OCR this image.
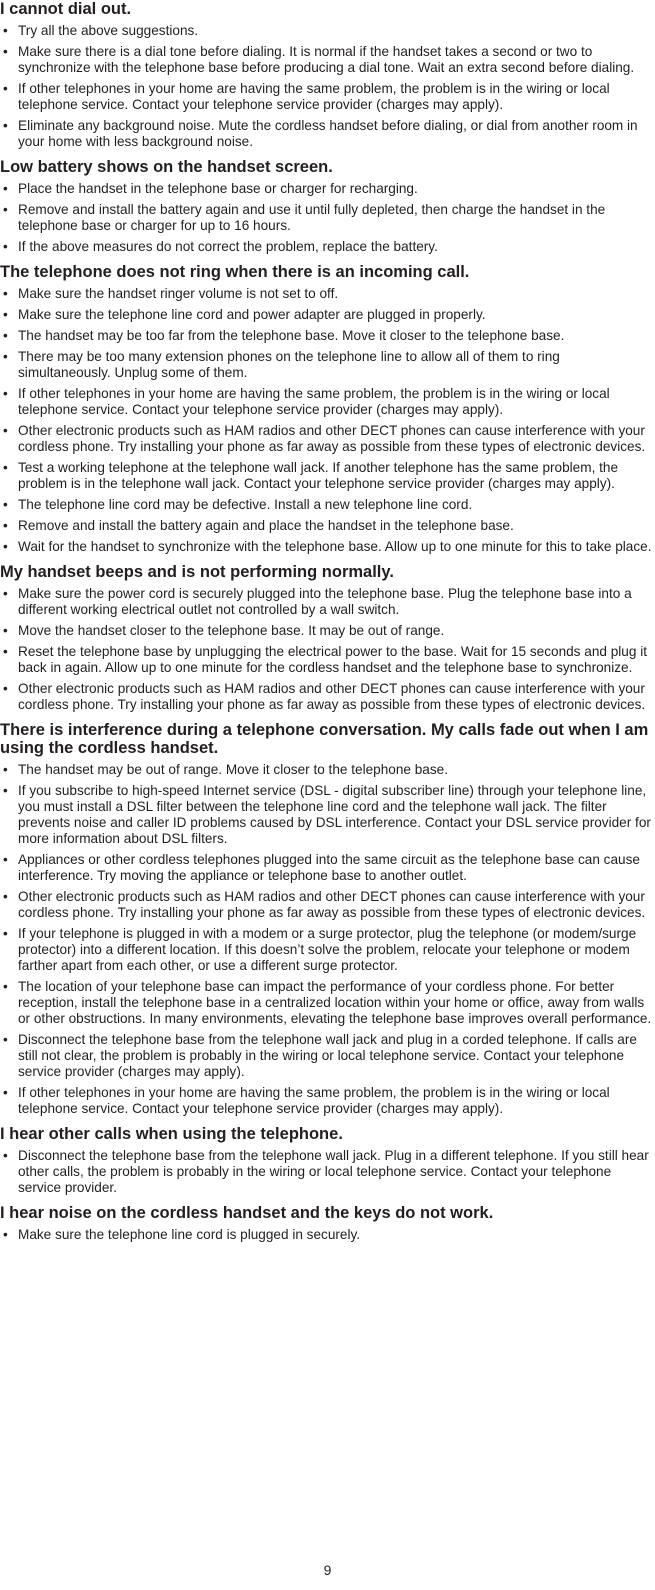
I cannot dial out.
• Try all the above suggestions.
• Make sure there is a dial tone before dialing. It is normal if the handset takes a second or two to synchronize with the telephone base before producing a dial tone. Wait an extra second before dialing.
• If other telephones in your home are having the same problem, the problem is in the wiring or local telephone service. Contact your telephone service provider (charges may apply).
• Eliminate any background noise. Mute the cordless handset before dialing, or dial from another room in your home with less background noise.
Low battery shows on the handset screen.
• Place the handset in the telephone base or charger for recharging.
• Remove and install the battery again and use it until fully depleted, then charge the handset in the telephone base or charger for up to 16 hours.
• If the above measures do not correct the problem, replace the battery.
The telephone does not ring when there is an incoming call.
• Make sure the handset ringer volume is not set to off.
• Make sure the telephone line cord and power adapter are plugged in properly.
• The handset may be too far from the telephone base. Move it closer to the telephone base.
• There may be too many extension phones on the telephone line to allow all of them to ring simultaneously. Unplug some of them.
• If other telephones in your home are having the same problem, the problem is in the wiring or local telephone service. Contact your telephone service provider (charges may apply).
• Other electronic products such as HAM radios and other DECT phones can cause interference with your cordless phone. Try installing your phone as far away as possible from these types of electronic devices.
• Test a working telephone at the telephone wall jack. If another telephone has the same problem, the problem is in the telephone wall jack. Contact your telephone service provider (charges may apply).
• The telephone line cord may be defective. Install a new telephone line cord.
• Remove and install the battery again and place the handset in the telephone base.
• Wait for the handset to synchronize with the telephone base. Allow up to one minute for this to take place.
My handset beeps and is not performing normally.
• Make sure the power cord is securely plugged into the telephone base. Plug the telephone base into a different working electrical outlet not controlled by a wall switch.
• Move the handset closer to the telephone base. It may be out of range.
• Reset the telephone base by unplugging the electrical power to the base. Wait for 15 seconds and plug it back in again. Allow up to one minute for the cordless handset and the telephone base to synchronize.
• Other electronic products such as HAM radios and other DECT phones can cause interference with your cordless phone. Try installing your phone as far away as possible from these types of electronic devices.
There is interference during a telephone conversation. My calls fade out when I am using the cordless handset.
• The handset may be out of range. Move it closer to the telephone base.
• If you subscribe to high-speed Internet service (DSL - digital subscriber line) through your telephone line, you must install a DSL filter between the telephone line cord and the telephone wall jack. The filter prevents noise and caller ID problems caused by DSL interference. Contact your DSL service provider for more information about DSL filters.
• Appliances or other cordless telephones plugged into the same circuit as the telephone base can cause interference. Try moving the appliance or telephone base to another outlet.
• Other electronic products such as HAM radios and other DECT phones can cause interference with your cordless phone. Try installing your phone as far away as possible from these types of electronic devices.
• If your telephone is plugged in with a modem or a surge protector, plug the telephone (or modem/surge protector) into a different location. If this doesn’t solve the problem, relocate your telephone or modem farther apart from each other, or use a different surge protector.
• The location of your telephone base can impact the performance of your cordless phone. For better reception, install the telephone base in a centralized location within your home or office, away from walls or other obstructions. In many environments, elevating the telephone base improves overall performance.
• Disconnect the telephone base from the telephone wall jack and plug in a corded telephone. If calls are still not clear, the problem is probably in the wiring or local telephone service. Contact your telephone service provider (charges may apply).
• If other telephones in your home are having the same problem, the problem is in the wiring or local telephone service. Contact your telephone service provider (charges may apply).
I hear other calls when using the telephone.
• Disconnect the telephone base from the telephone wall jack. Plug in a different telephone. If you still hear other calls, the problem is probably in the wiring or local telephone service. Contact your telephone service provider.
I hear noise on the cordless handset and the keys do not work.
• Make sure the telephone line cord is plugged in securely.
9
